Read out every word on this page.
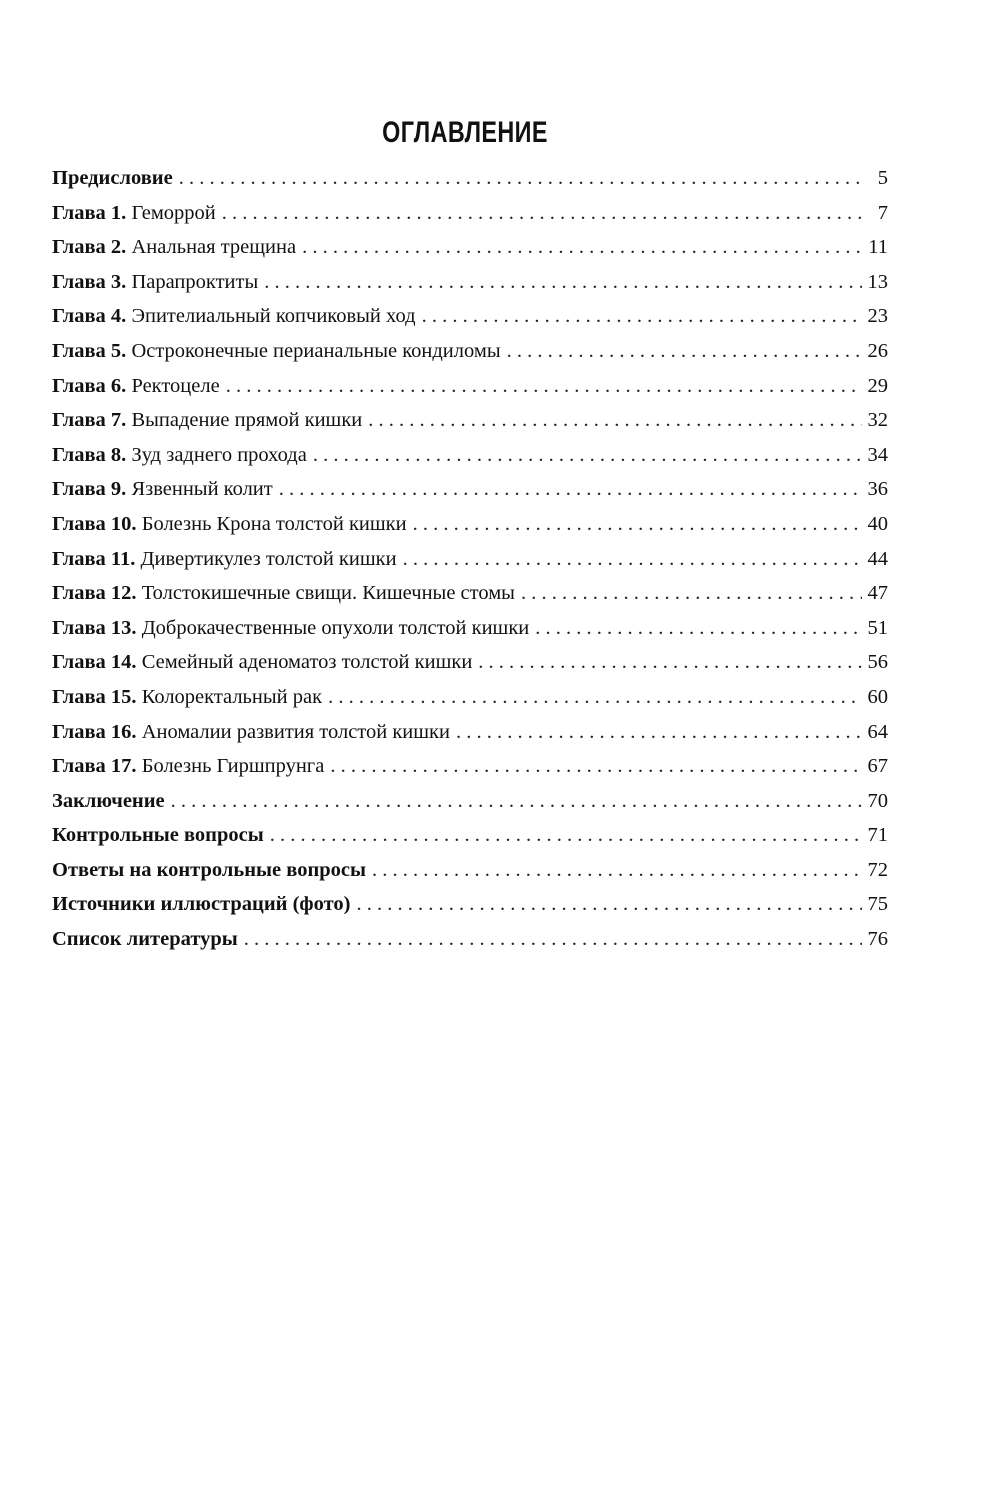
ОГЛАВЛЕНИЕ
Предисловие . . .	5
Глава 1. Геморрой . . .	7
Глава 2. Анальная трещина . . .	11
Глава 3. Парапроктиты . . .	13
Глава 4. Эпителиальный копчиковый ход . . .	23
Глава 5. Остроконечные перианальные кондиломы . . .	26
Глава 6. Ректоцеле . . .	29
Глава 7. Выпадение прямой кишки . . .	32
Глава 8. Зуд заднего прохода . . .	34
Глава 9. Язвенный колит . . .	36
Глава 10. Болезнь Крона толстой кишки . . .	40
Глава 11. Дивертикулез толстой кишки . . .	44
Глава 12. Толстокишечные свищи. Кишечные стомы . . .	47
Глава 13. Доброкачественные опухоли толстой кишки . . .	51
Глава 14. Семейный аденоматоз толстой кишки . . .	56
Глава 15. Колоректальный рак . . .	60
Глава 16. Аномалии развития толстой кишки . . .	64
Глава 17. Болезнь Гиршпрунга . . .	67
Заключение . . .	70
Контрольные вопросы . . .	71
Ответы на контрольные вопросы . . .	72
Источники иллюстраций (фото) . . .	75
Список литературы . . .	76
